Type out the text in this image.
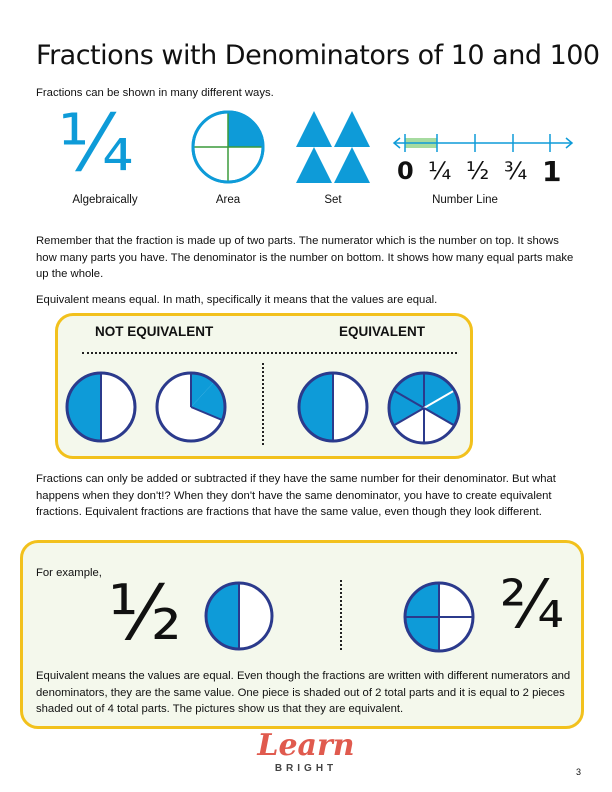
Fractions with Denominators of 10 and 100
Fractions can be shown in many different ways.
¼	0 ¼ ½ ¾ 1
Algebraically	Area	Set	Number Line
Remember that the fraction is made up of two parts. The numerator which is the number on top. It shows how many parts you have. The denominator is the number on bottom. It shows how many equal parts make up the whole.
Equivalent means equal. In math, specifically it means that the values are equal.
NOT EQUIVALENT	EQUIVALENT
Fractions can only be added or subtracted if they have the same number for their denominator. But what happens when they don't!? When they don't have the same denominator, you have to create equivalent fractions. Equivalent fractions are fractions that have the same value, even though they look different.
For example, ½	²⁄₄
Equivalent means the values are equal. Even though the fractions are written with different numerators and denominators, they are the same value. One piece is shaded out of 2 total parts and it is equal to 2 pieces shaded out of 4 total parts. The pictures show us that they are equivalent.
Learn
BRIGHT	3
